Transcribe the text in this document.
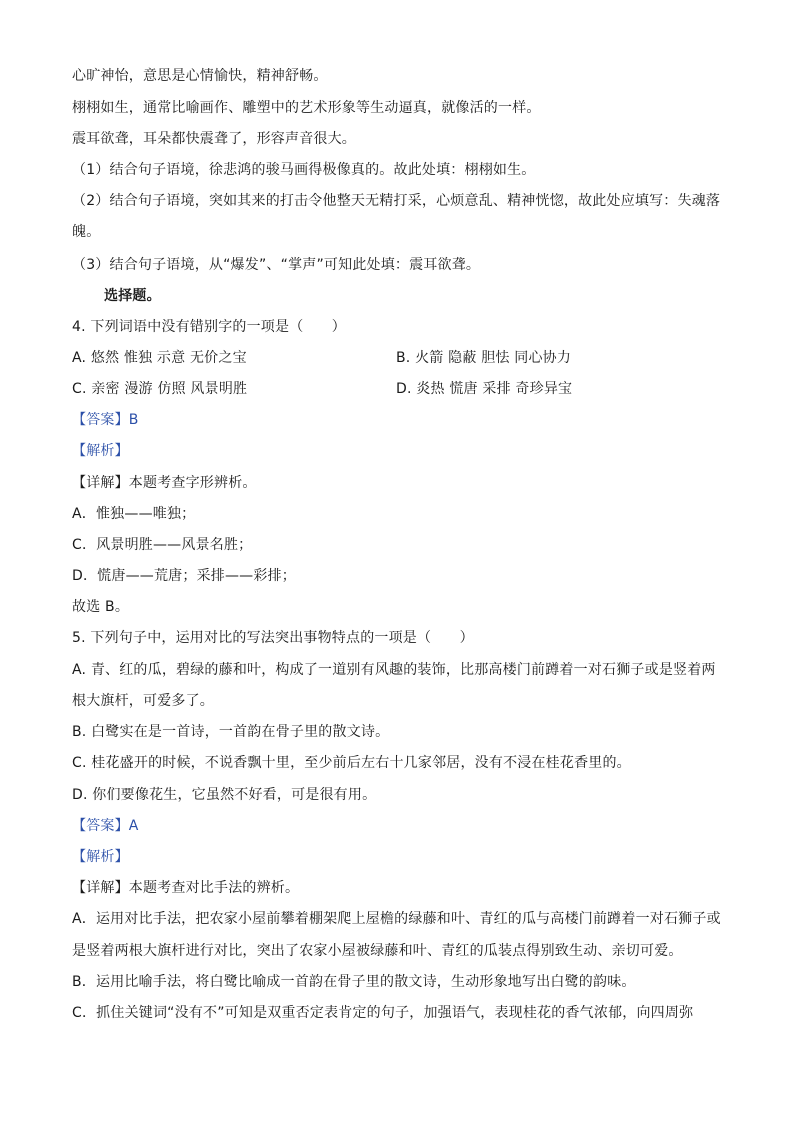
心旷神怡，意思是心情愉快，精神舒畅。
栩栩如生，通常比喻画作、雕塑中的艺术形象等生动逼真，就像活的一样。
震耳欲聋，耳朵都快震聋了，形容声音很大。
（1）结合句子语境，徐悲鸿的骏马画得极像真的。故此处填：栩栩如生。
（2）结合句子语境，突如其来的打击令他整天无精打采，心烦意乱、精神恍惚，故此处应填写：失魂落
魄。
（3）结合句子语境，从“爆发”、“掌声”可知此处填：震耳欲聋。
选择题。
4. 下列词语中没有错别字的一项是（　　）
A. 悠然 惟独 示意 无价之宝	B. 火箭 隐蔽 胆怯 同心协力
C. 亲密 漫游 仿照 风景明胜	D. 炎热 慌唐 采排 奇珍异宝
【答案】B
【解析】
【详解】本题考查字形辨析。
A．惟独——唯独；
C．风景明胜——风景名胜；
D．慌唐——荒唐；采排——彩排；
故选 B。
5. 下列句子中，运用对比的写法突出事物特点的一项是（　　）
A. 青、红的瓜，碧绿的藤和叶，构成了一道别有风趣的装饰，比那高楼门前蹲着一对石狮子或是竖着两
根大旗杆，可爱多了。
B. 白鹭实在是一首诗，一首韵在骨子里的散文诗。
C. 桂花盛开的时候，不说香飘十里，至少前后左右十几家邻居，没有不浸在桂花香里的。
D. 你们要像花生，它虽然不好看，可是很有用。
【答案】A
【解析】
【详解】本题考查对比手法的辨析。
A．运用对比手法，把农家小屋前攀着棚架爬上屋檐的绿藤和叶、青红的瓜与高楼门前蹲着一对石狮子或
是竖着两根大旗杆进行对比，突出了农家小屋被绿藤和叶、青红的瓜装点得别致生动、亲切可爱。
B．运用比喻手法，将白鹭比喻成一首韵在骨子里的散文诗，生动形象地写出白鹭的韵味。
C．抓住关键词“没有不”可知是双重否定表肯定的句子，加强语气，表现桂花的香气浓郁，向四周弥
